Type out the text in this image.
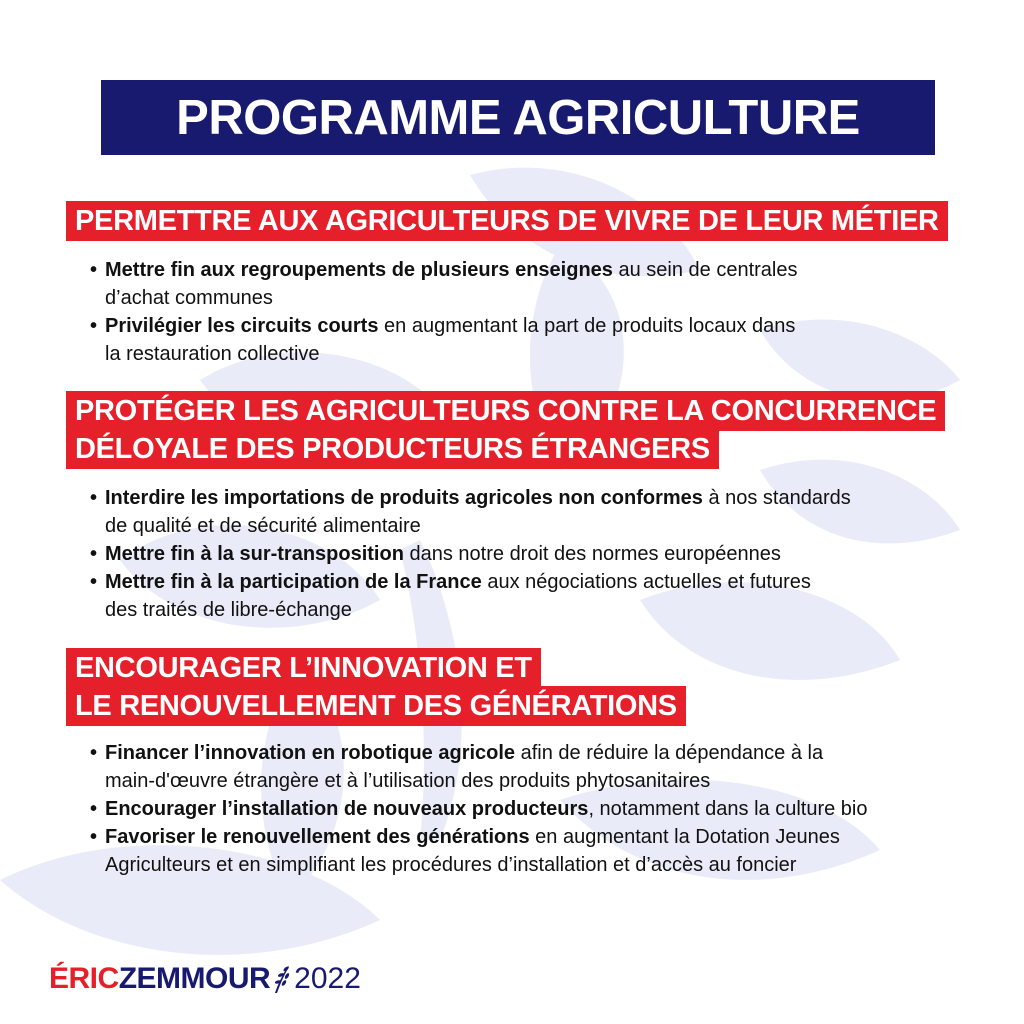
PROGRAMME AGRICULTURE
PERMETTRE AUX AGRICULTEURS DE VIVRE DE LEUR MÉTIER
• Mettre fin aux regroupements de plusieurs enseignes au sein de centrales
d’achat communes
• Privilégier les circuits courts en augmentant la part de produits locaux dans
la restauration collective
PROTÉGER LES AGRICULTEURS CONTRE LA CONCURRENCE
DÉLOYALE DES PRODUCTEURS ÉTRANGERS
• Interdire les importations de produits agricoles non conformes à nos standards
de qualité et de sécurité alimentaire
• Mettre fin à la sur-transposition dans notre droit des normes européennes
• Mettre fin à la participation de la France aux négociations actuelles et futures
des traités de libre-échange
ENCOURAGER L’INNOVATION ET
LE RENOUVELLEMENT DES GÉNÉRATIONS
• Financer l’innovation en robotique agricole afin de réduire la dépendance à la
main-d'œuvre étrangère et à l’utilisation des produits phytosanitaires
• Encourager l’installation de nouveaux producteurs, notamment dans la culture bio
• Favoriser le renouvellement des générations en augmentant la Dotation Jeunes
Agriculteurs et en simplifiant les procédures d’installation et d’accès au foncier
ÉRIC ZEMMOUR 2022
